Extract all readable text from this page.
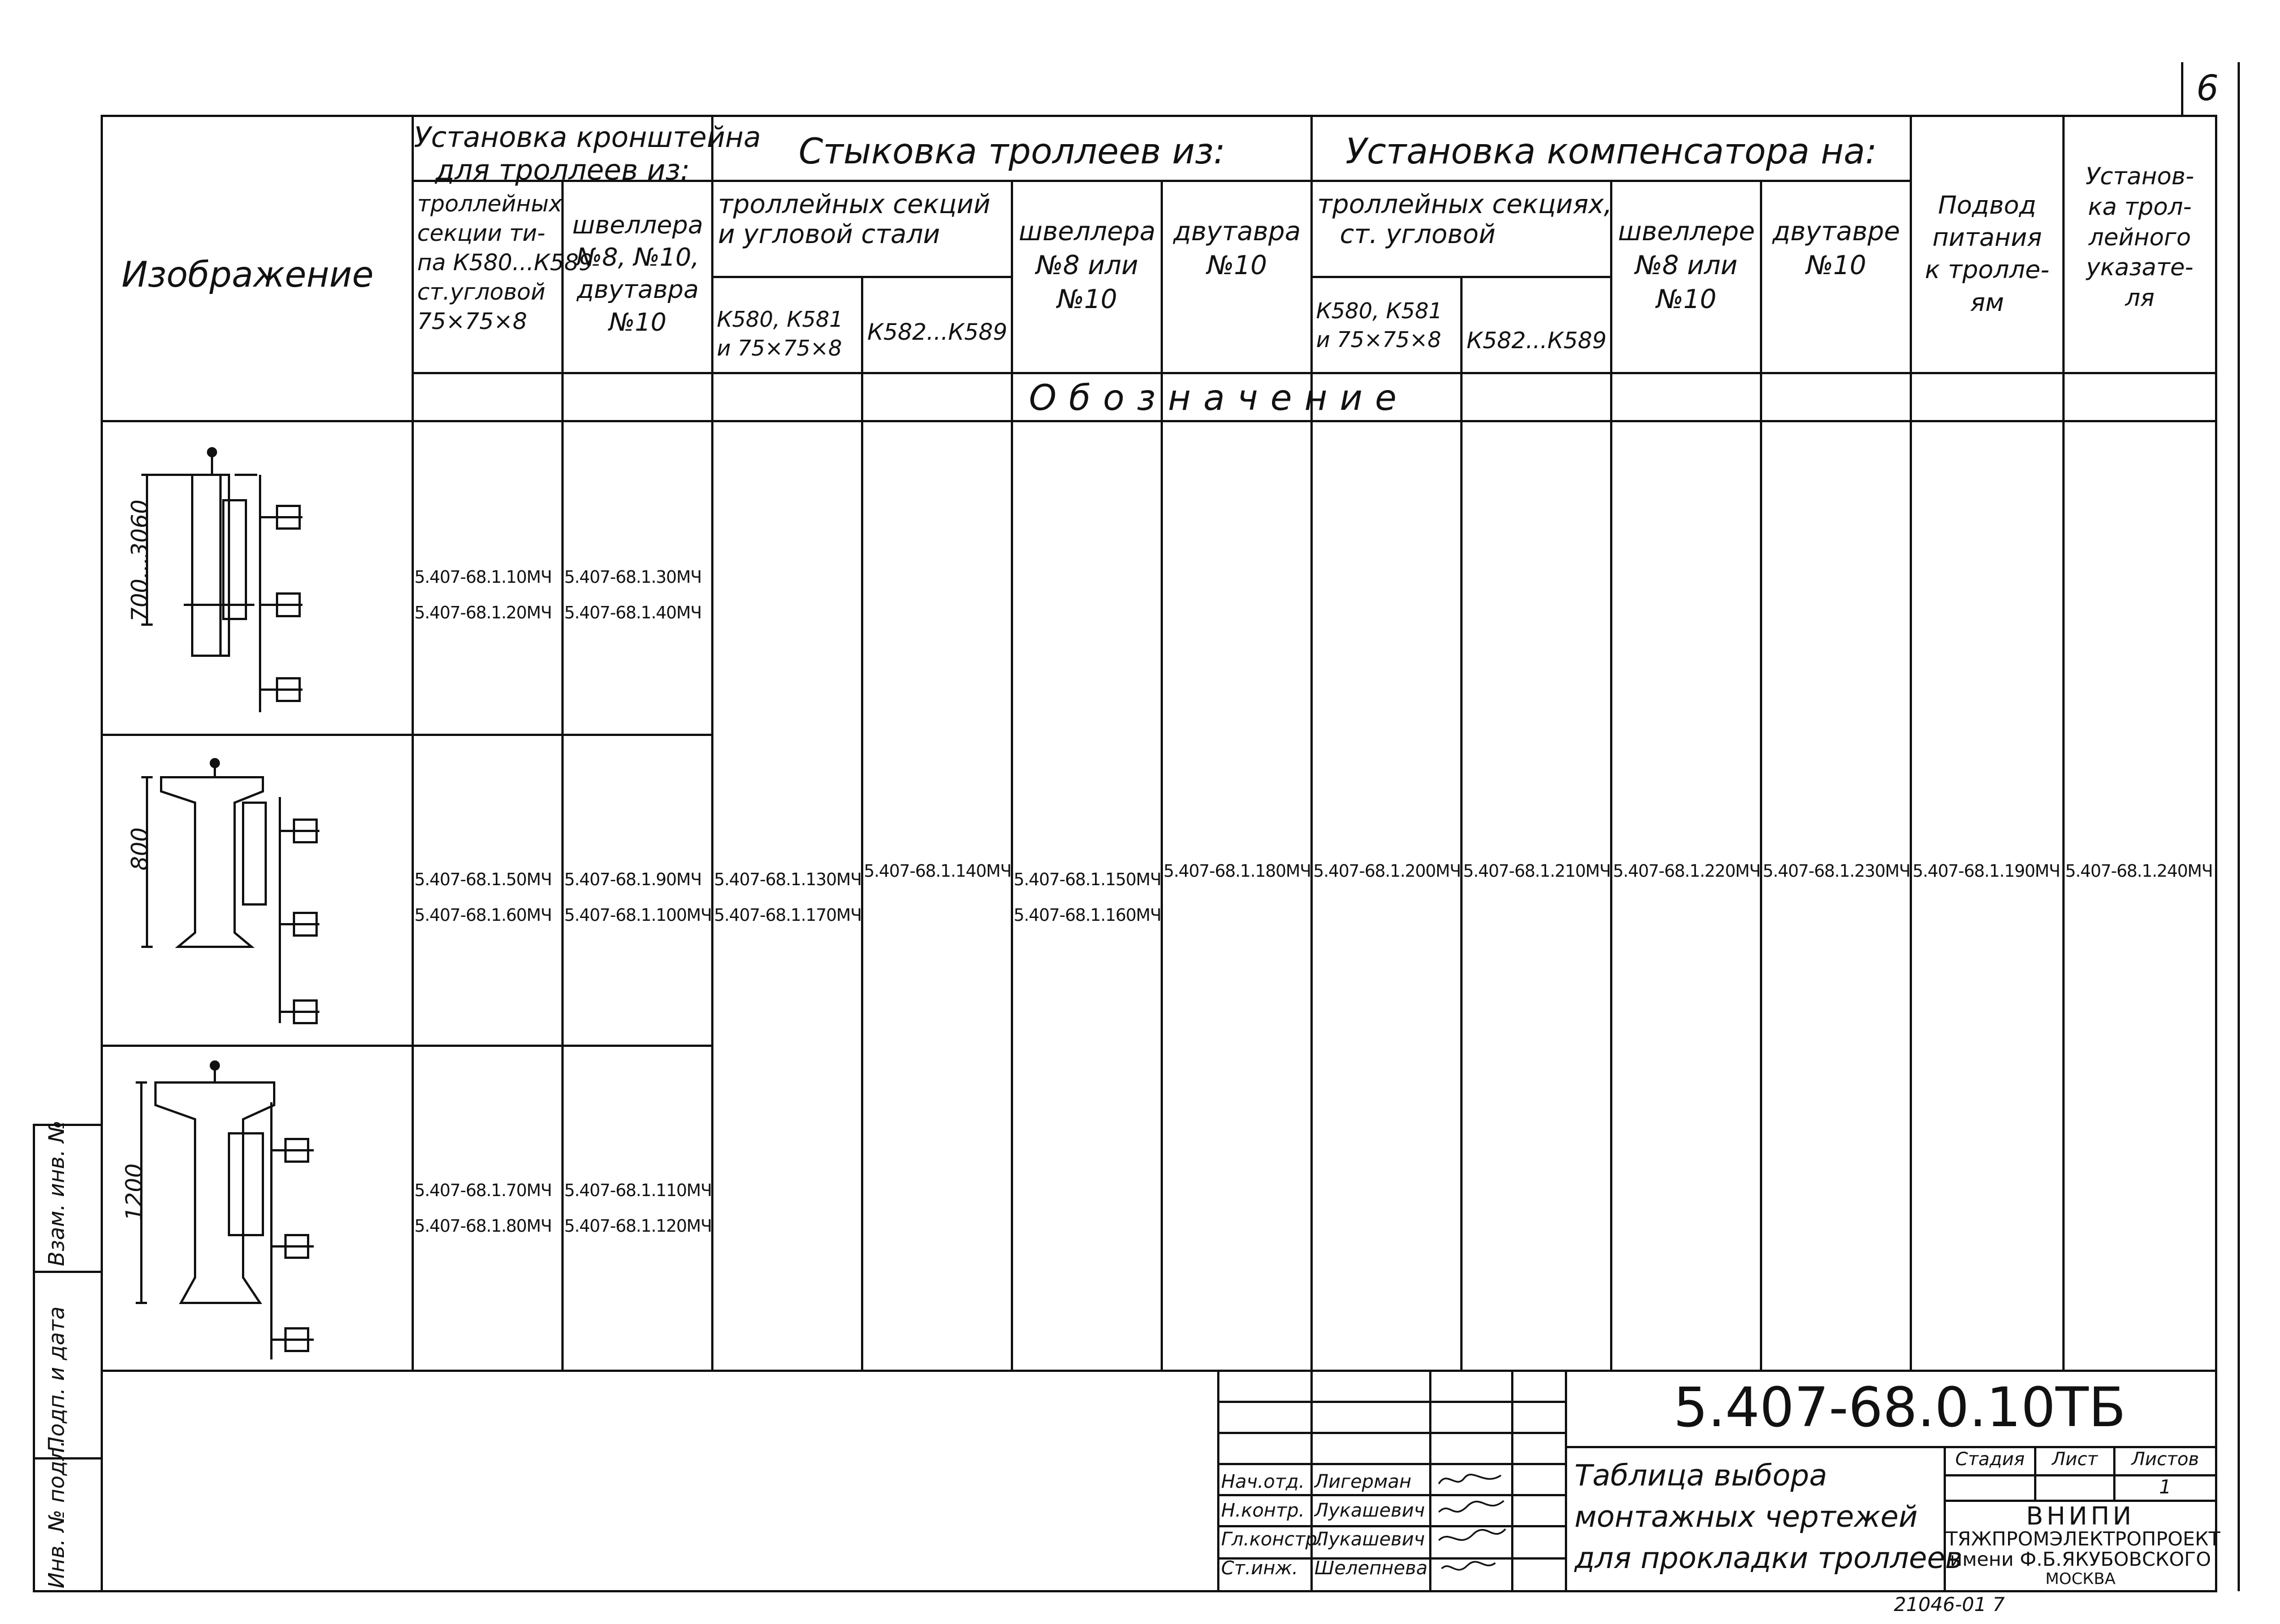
700...3060
800
1200
6
Изображение
Установка кронштейна
для троллеев из:
троллейных
секции ти-
па К580...К589
ст.угловой
75×75×8
швеллера
№8, №10,
двутавра
№10
Стыковка троллеев из:
троллейных секций
и угловой стали
К580, К581
и 75×75×8
К582...К589
швеллера
№8 или
№10
двутавра
№10
Установка компенсатора на:
троллейных секциях,
ст. угловой
К580, К581
и 75×75×8 К582...К589
швеллере
№8 или
№10
двутавре
№10
Подвод
питания
к тролле-
ям
Установ-
ка трол-
лейного
указате-
ля
Обозначение
5.407-68.1.10МЧ
5.407-68.1.20МЧ
5.407-68.1.30МЧ
5.407-68.1.40МЧ
5.407-68.1.50МЧ
5.407-68.1.60МЧ
5.407-68.1.90МЧ
5.407-68.1.100МЧ
5.407-68.1.70МЧ
5.407-68.1.80МЧ
5.407-68.1.110МЧ
5.407-68.1.120МЧ
5.407-68.1.130МЧ
5.407-68.1.170МЧ
5.407-68.1.140МЧ 5.407-68.1.150МЧ
5.407-68.1.160МЧ
5.407-68.1.180МЧ 5.407-68.1.200МЧ 5.407-68.1.210МЧ 5.407-68.1.220МЧ 5.407-68.1.230МЧ 5.407-68.1.190МЧ 5.407-68.1.240МЧ
Инв. № подл.
Подп. и дата
Взам. инв. №
5.407-68.0.10ТБ
Таблица выбора
монтажных чертежей
для прокладки троллеев
Нач.отд.
Н.контр.
Гл.констр.
Ст.инж.
Лигерман
Лукашевич
Лукашевич
Шелепнева
Стадия	Лист	Листов
1
ВНИПИ
ТЯЖПРОМЭЛЕКТРОПРОЕКТ
имени Ф.Б.ЯКУБОВСКОГО
МОСКВА
21046-01 7
